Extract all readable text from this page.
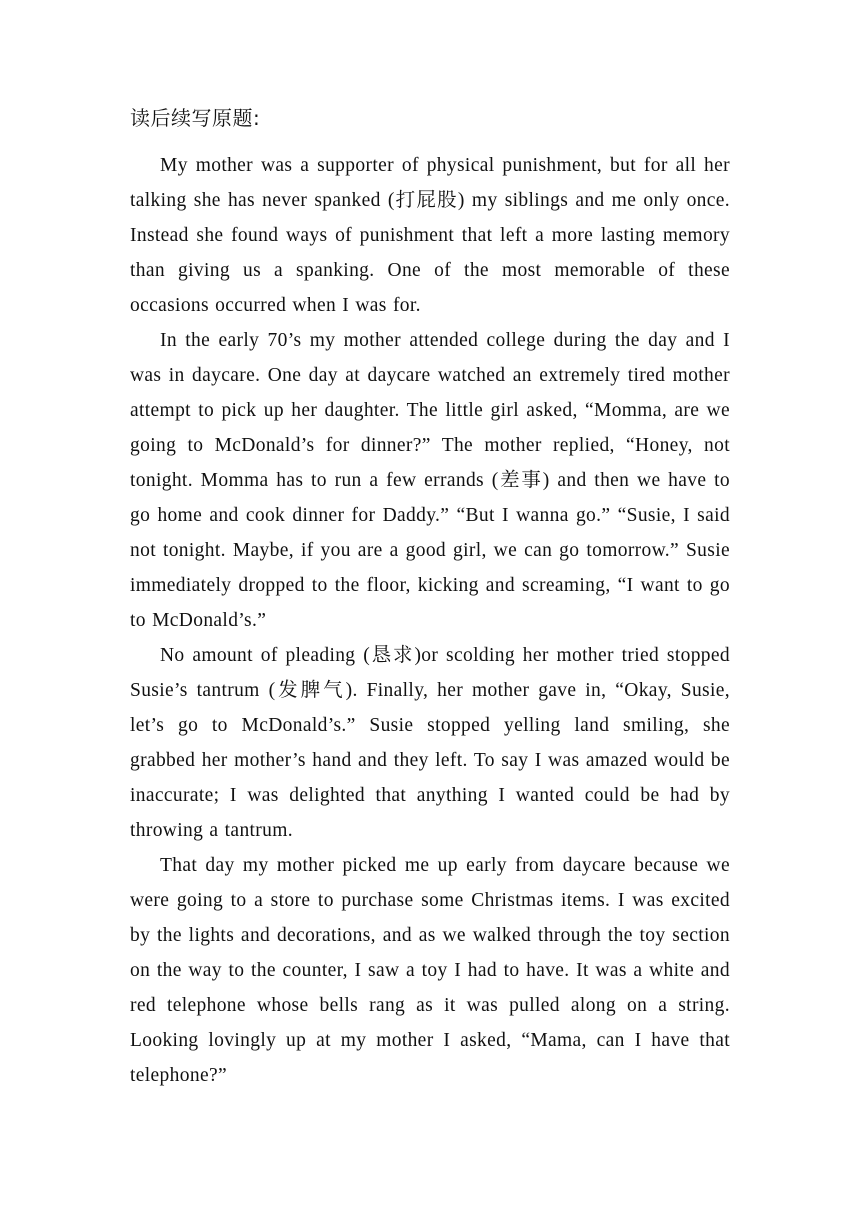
读后续写原题:

My mother was a supporter of physical punishment, but for all her talking she has never spanked (打屁股) my siblings and me only once. Instead she found ways of punishment that left a more lasting memory than giving us a spanking. One of the most memorable of these occasions occurred when I was for.

In the early 70’s my mother attended college during the day and I was in daycare. One day at daycare watched an extremely tired mother attempt to pick up her daughter. The little girl asked, “Momma, are we going to McDonald’s for dinner?” The mother replied, “Honey, not tonight. Momma has to run a few errands (差事) and then we have to go home and cook dinner for Daddy.” “But I wanna go.” “Susie, I said not tonight. Maybe, if you are a good girl, we can go tomorrow.” Susie immediately dropped to the floor, kicking and screaming, “I want to go to McDonald’s.”

No amount of pleading (恳求)or scolding her mother tried stopped Susie’s tantrum (发脾气). Finally, her mother gave in, “Okay, Susie, let’s go to McDonald’s.” Susie stopped yelling land smiling, she grabbed her mother’s hand and they left. To say I was amazed would be inaccurate; I was delighted that anything I wanted could be had by throwing a tantrum.

That day my mother picked me up early from daycare because we were going to a store to purchase some Christmas items. I was excited by the lights and decorations, and as we walked through the toy section on the way to the counter, I saw a toy I had to have. It was a white and red telephone whose bells rang as it was pulled along on a string. Looking lovingly up at my mother I asked, “Mama, can I have that telephone?”
